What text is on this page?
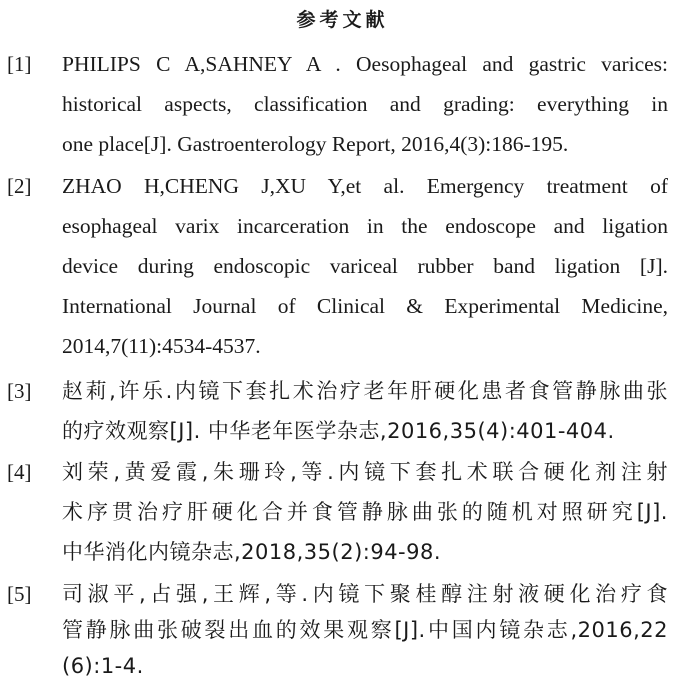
参考文献
[1] PHILIPS C A,SAHNEY A . Oesophageal and gastric varices:
historical aspects, classification and grading: everything in
one place[J]. Gastroenterology Report, 2016,4(3):186-195.
[2] ZHAO H,CHENG J,XU Y,et al. Emergency treatment of
esophageal varix incarceration in the endoscope and ligation
device during endoscopic variceal rubber band ligation [J].
International Journal of Clinical & Experimental Medicine,
2014,7(11):4534-4537.
[3] 赵莉,许乐.内镜下套扎术治疗老年肝硬化患者食管静脉曲张
的疗效观察[J]. 中华老年医学杂志,2016,35(4):401-404.
[4] 刘荣,黄爱霞,朱珊玲,等.内镜下套扎术联合硬化剂注射
术序贯治疗肝硬化合并食管静脉曲张的随机对照研究[J].
中华消化内镜杂志,2018,35(2):94-98.
[5] 司淑平,占强,王辉,等.内镜下聚桂醇注射液硬化治疗食
管静脉曲张破裂出血的效果观察[J].中国内镜杂志,2016,22
(6):1-4.
